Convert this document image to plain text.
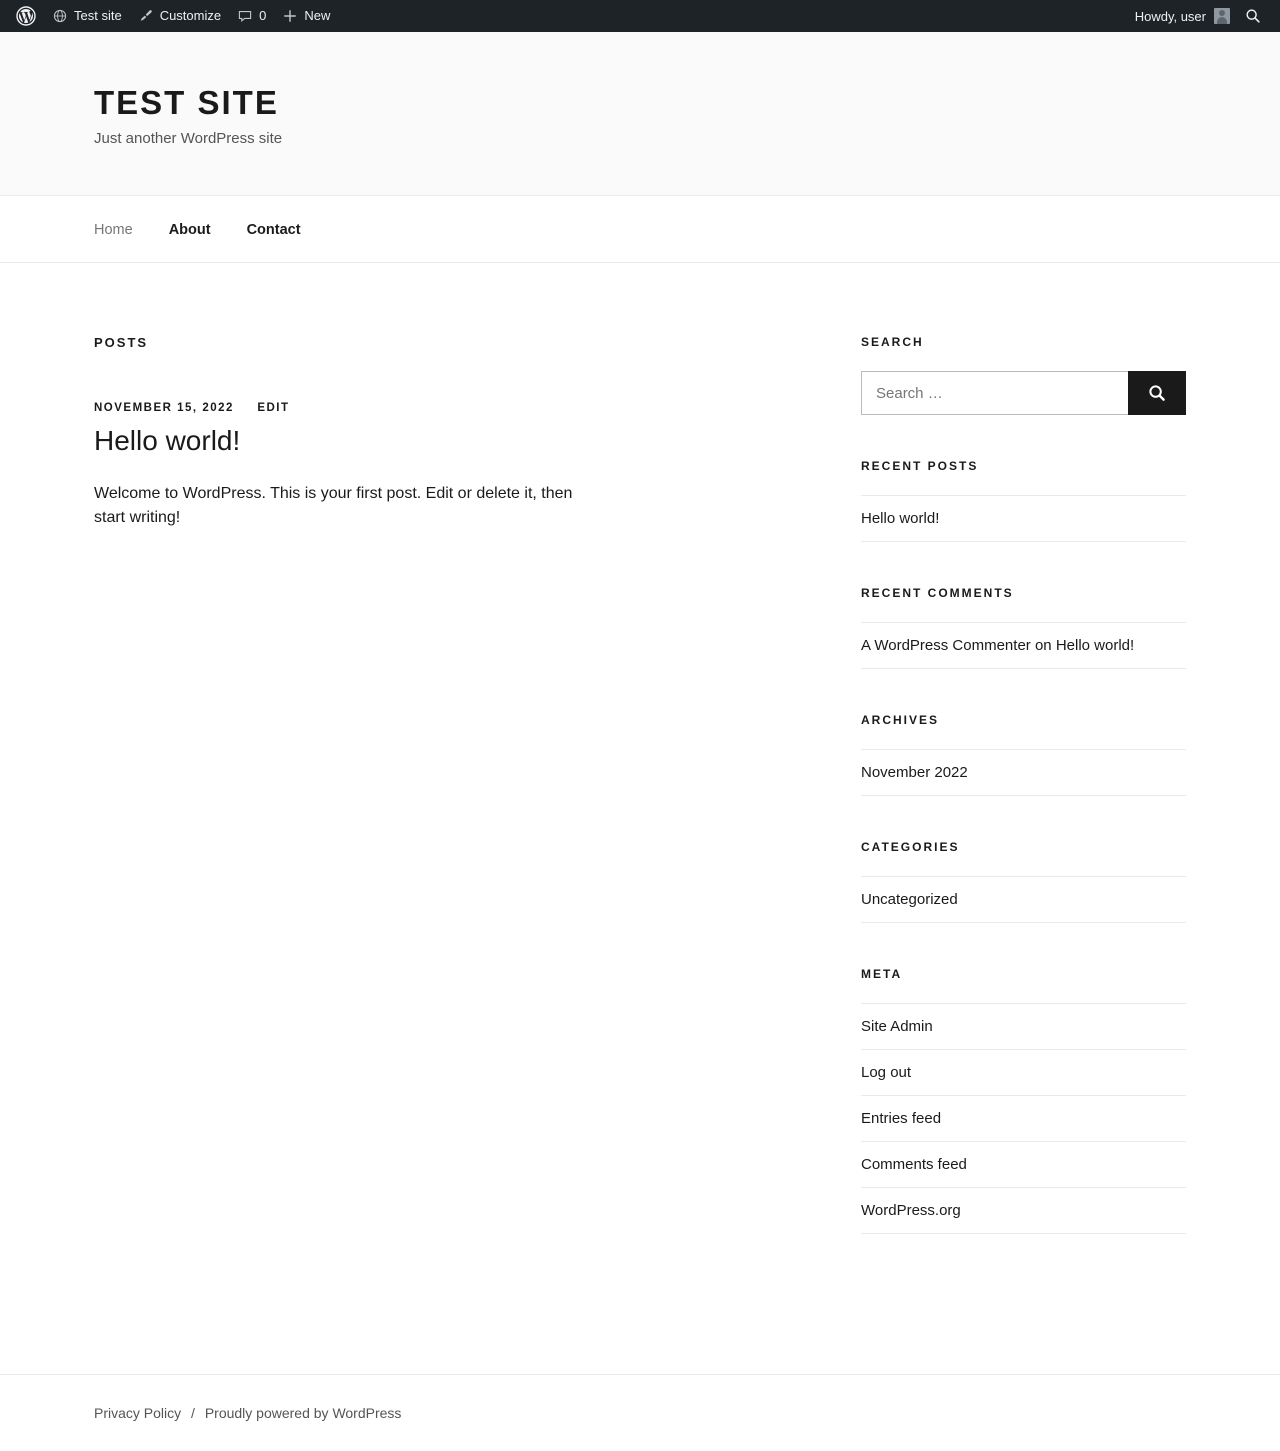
Test site	Customize	0	New	Howdy, user
TEST SITE

Just another WordPress site

Home About Contact
POSTS
NOVEMBER 15, 2022 EDIT
Hello world!
Welcome to WordPress. This is your first post. Edit or delete it, then start writing!
SEARCH
Search …
RECENT POSTS
Hello world!
RECENT COMMENTS
A WordPress Commenter on Hello world!
ARCHIVES
November 2022
CATEGORIES
Uncategorized
META
Site Admin
Log out
Entries feed
Comments feed
WordPress.org
Privacy Policy / Proudly powered by WordPress
